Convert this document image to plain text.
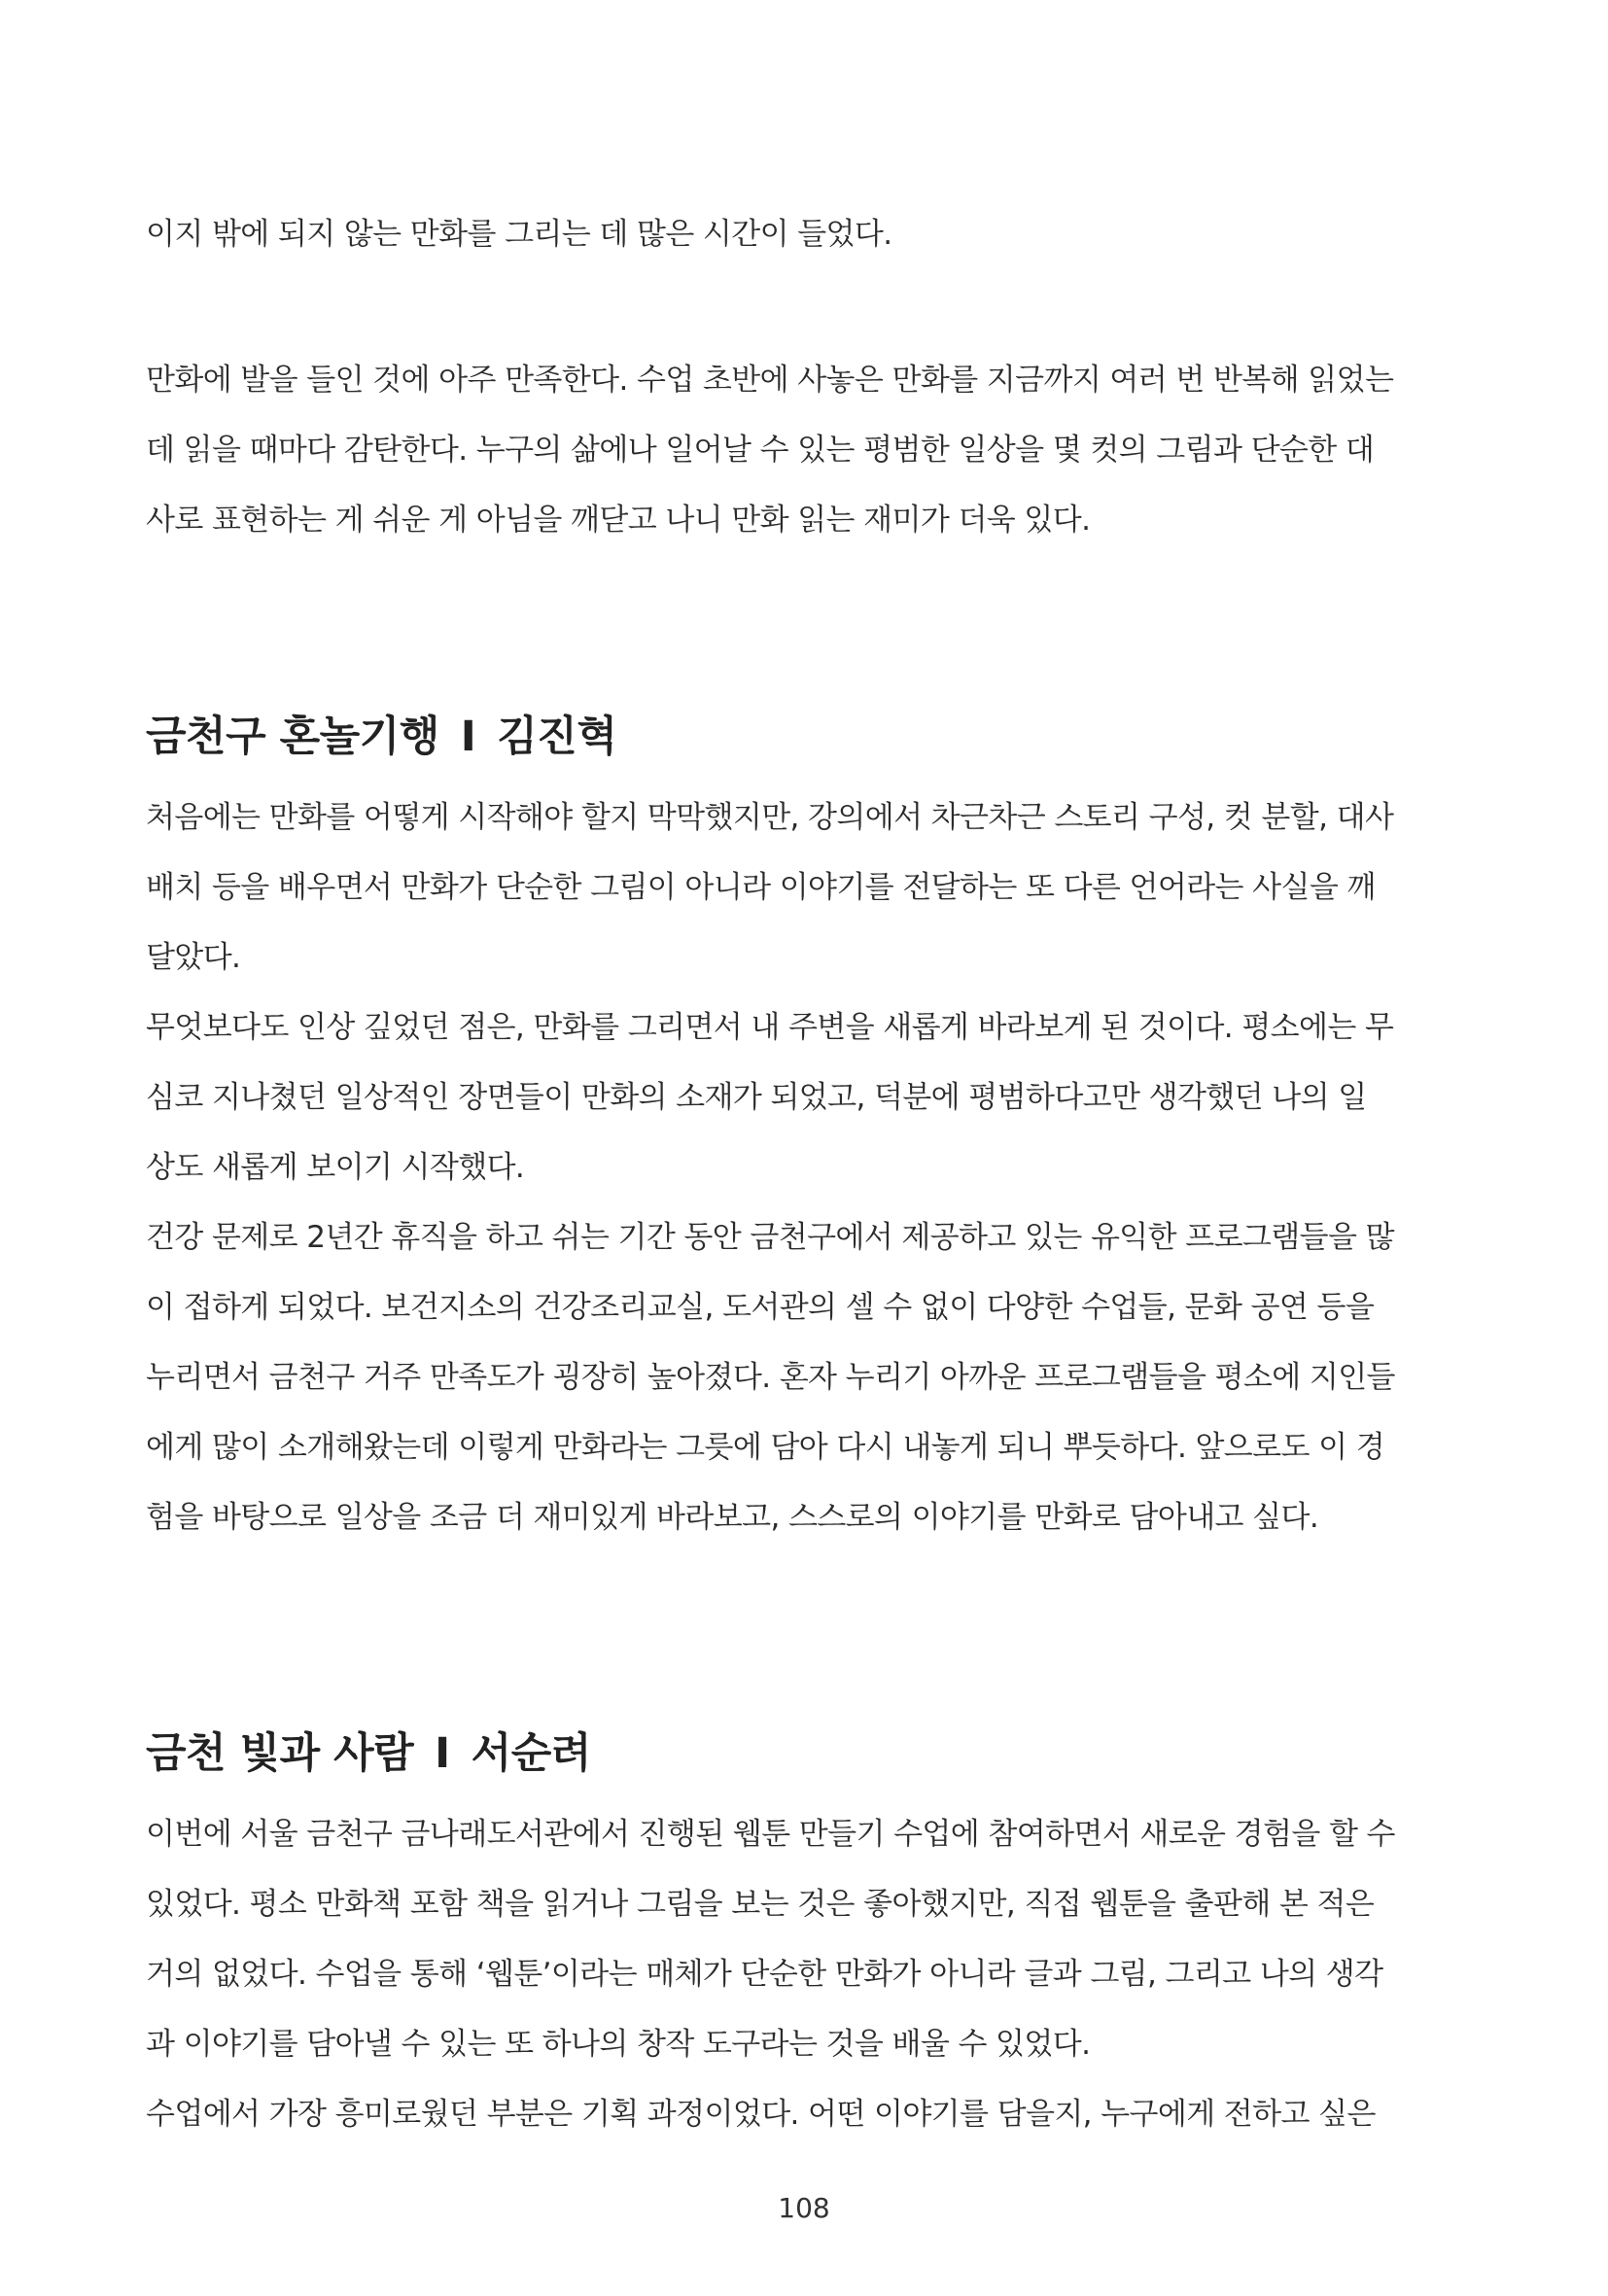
이지 밖에 되지 않는 만화를 그리는 데 많은 시간이 들었다.
만화에 발을 들인 것에 아주 만족한다. 수업 초반에 사놓은 만화를 지금까지 여러 번 반복해 읽었는
데 읽을 때마다 감탄한다. 누구의 삶에나 일어날 수 있는 평범한 일상을 몇 컷의 그림과 단순한 대
사로 표현하는 게 쉬운 게 아님을 깨닫고 나니 만화 읽는 재미가 더욱 있다.
금천구 혼놀기행 I 김진혁
처음에는 만화를 어떻게 시작해야 할지 막막했지만, 강의에서 차근차근 스토리 구성, 컷 분할, 대사
배치 등을 배우면서 만화가 단순한 그림이 아니라 이야기를 전달하는 또 다른 언어라는 사실을 깨
달았다.
무엇보다도 인상 깊었던 점은, 만화를 그리면서 내 주변을 새롭게 바라보게 된 것이다. 평소에는 무
심코 지나쳤던 일상적인 장면들이 만화의 소재가 되었고, 덕분에 평범하다고만 생각했던 나의 일
상도 새롭게 보이기 시작했다.
건강 문제로 2년간 휴직을 하고 쉬는 기간 동안 금천구에서 제공하고 있는 유익한 프로그램들을 많
이 접하게 되었다. 보건지소의 건강조리교실, 도서관의 셀 수 없이 다양한 수업들, 문화 공연 등을
누리면서 금천구 거주 만족도가 굉장히 높아졌다. 혼자 누리기 아까운 프로그램들을 평소에 지인들
에게 많이 소개해왔는데 이렇게 만화라는 그릇에 담아 다시 내놓게 되니 뿌듯하다. 앞으로도 이 경
험을 바탕으로 일상을 조금 더 재미있게 바라보고, 스스로의 이야기를 만화로 담아내고 싶다.
금천 빛과 사람 I 서순려
이번에 서울 금천구 금나래도서관에서 진행된 웹툰 만들기 수업에 참여하면서 새로운 경험을 할 수
있었다. 평소 만화책 포함 책을 읽거나 그림을 보는 것은 좋아했지만, 직접 웹툰을 출판해 본 적은
거의 없었다. 수업을 통해 ‘웹툰’이라는 매체가 단순한 만화가 아니라 글과 그림, 그리고 나의 생각
과 이야기를 담아낼 수 있는 또 하나의 창작 도구라는 것을 배울 수 있었다.
수업에서 가장 흥미로웠던 부분은 기획 과정이었다. 어떤 이야기를 담을지, 누구에게 전하고 싶은
108
